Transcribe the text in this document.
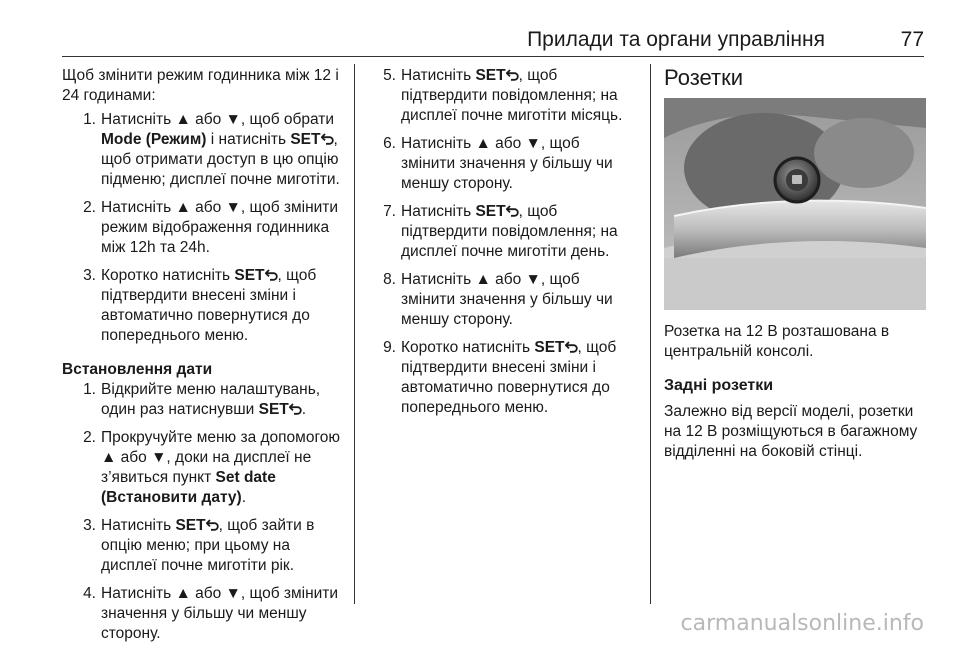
Прилади та органи управління	77

Щоб змінити режим годинника між 12 і 24 годинами:

1. Натисніть ▲ або ▼, щоб обрати Mode (Режим) і натисніть SET , щоб отримати доступ в цю опцію підменю; дисплеї почне миготіти.
2. Натисніть ▲ або ▼, щоб змінити режим відображення годинника між 12h та 24h.
3. Коротко натисніть SET , щоб підтвердити внесені зміни і автоматично повернутися до попереднього меню.

Встановлення дати

1. Відкрийте меню налаштувань, один раз натиснувши SET .
2. Прокручуйте меню за допомогою ▲ або ▼, доки на дисплеї не з’явиться пункт Set date (Встановити дату).
3. Натисніть SET , щоб зайти в опцію меню; при цьому на дисплеї почне миготіти рік.
4. Натисніть ▲ або ▼, щоб змінити значення у більшу чи меншу сторону.
5. Натисніть SET , щоб підтвердити повідомлення; на дисплеї почне миготіти місяць.
6. Натисніть ▲ або ▼, щоб змінити значення у більшу чи меншу сторону.
7. Натисніть SET , щоб підтвердити повідомлення; на дисплеї почне миготіти день.
8. Натисніть ▲ або ▼, щоб змінити значення у більшу чи меншу сторону.
9. Коротко натисніть SET , щоб підтвердити внесені зміни і автоматично повернутися до попереднього меню.
Розетки

Розетка на 12 В розташована в центральній консолі.

Задні розетки

Залежно від версії моделі, розетки на 12 В розміщуються в багажному відділенні на боковій стінці.

carmanualsonline.info
